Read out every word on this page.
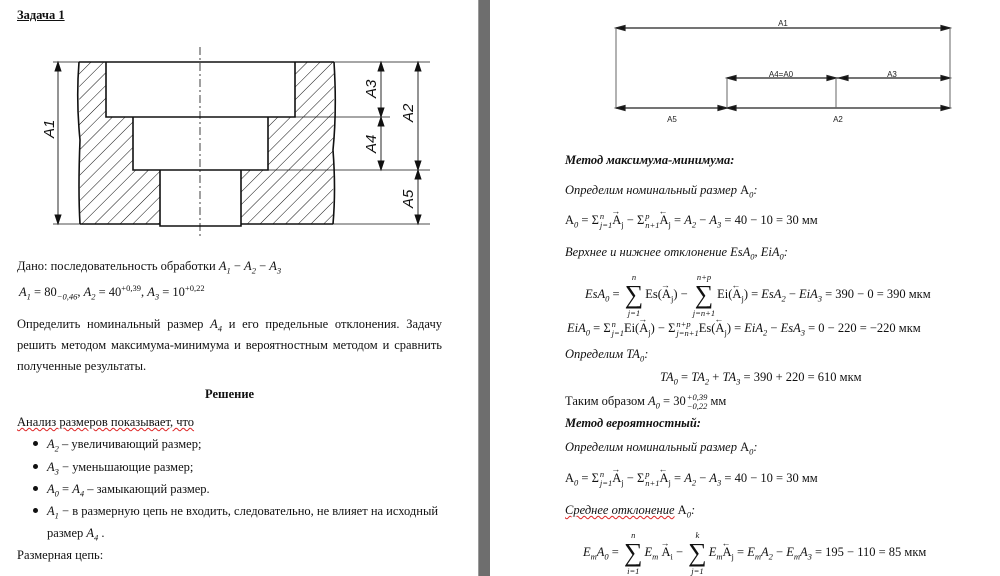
Задача 1
A1
A3
A4
A2
A5
Дано: последовательность обработки $A_1 - A_2 - A_3$
$A_1 = 80_{-0,46}$, $A_2 = 40^{+0,39}$, $A_3 = 10^{+0,22}$
Определить номинальный размер $A_4$ и его предельные отклонения. Задачу
решить методом максимума-минимума и вероятностным методом и сравнить
полученные результаты.
Решение
Анализ размеров показывает, что
$A_2$ – увеличивающий размер;
$A_3$ − уменьшающие размер;
$A_0 = A_4$ – замыкающий размер.
$A_1 - в$ размерную цепь не входить, следовательно, не влияет на исходный
размер $A_4$ .
Размерная цепь:
A1
A4=A0	A3
A5	A2
Метод максимума-минимума:
Определим номинальный размер $A_0$:
$A_0 = \Sigma$ n
j=1
→
$A_j - \Sigma$ p
n+1
←
$A_j = A_2 - A_3 = 40 - 10 = 30$ мм
Верхнее и нижнее отклонение EsA$_0$, EiA$_0$:
EsA$_0$ =
n
∑
j=1
Es(
→
$A_j$) −
n+p
∑
j=n+1
Ei(
←
$A_j) = EsA_2 - EiA_3 = 390 - 0 = 390$ мкм
EiA$_0$ = Σ n
j=1 Ei(
→
$A_j) - \Sigma$ n+p
j=n+1 Es(
←
$A_j) = EiA_2 - EsA_3 = 0 - 220 = -220$ мкм
Определим $TA_0$:
$TA_0 = TA_2 + TA_3 = 390 + 220 = 610$ мкм
Таким образом $A_0 = 30 +0,39$
−0,22 мм
Метод вероятностный:
Определим номинальный размер $A_0$:
$A_0 = \Sigma$ n
j=1
→
$A_j - \Sigma$ p
n+1
←
$A_j = A_2 - A_3 = 40 - 10 = 30$ мм
Среднее отклонение $A_0$:
$E_mA_0$ =
n
∑
i=1
$E_m$
→
$A_i$ −
k
∑
j=1
$E_m$
←
$A_j = E_mA_2 - E_mA_3 = 195 - 110 = 85$ мкм
